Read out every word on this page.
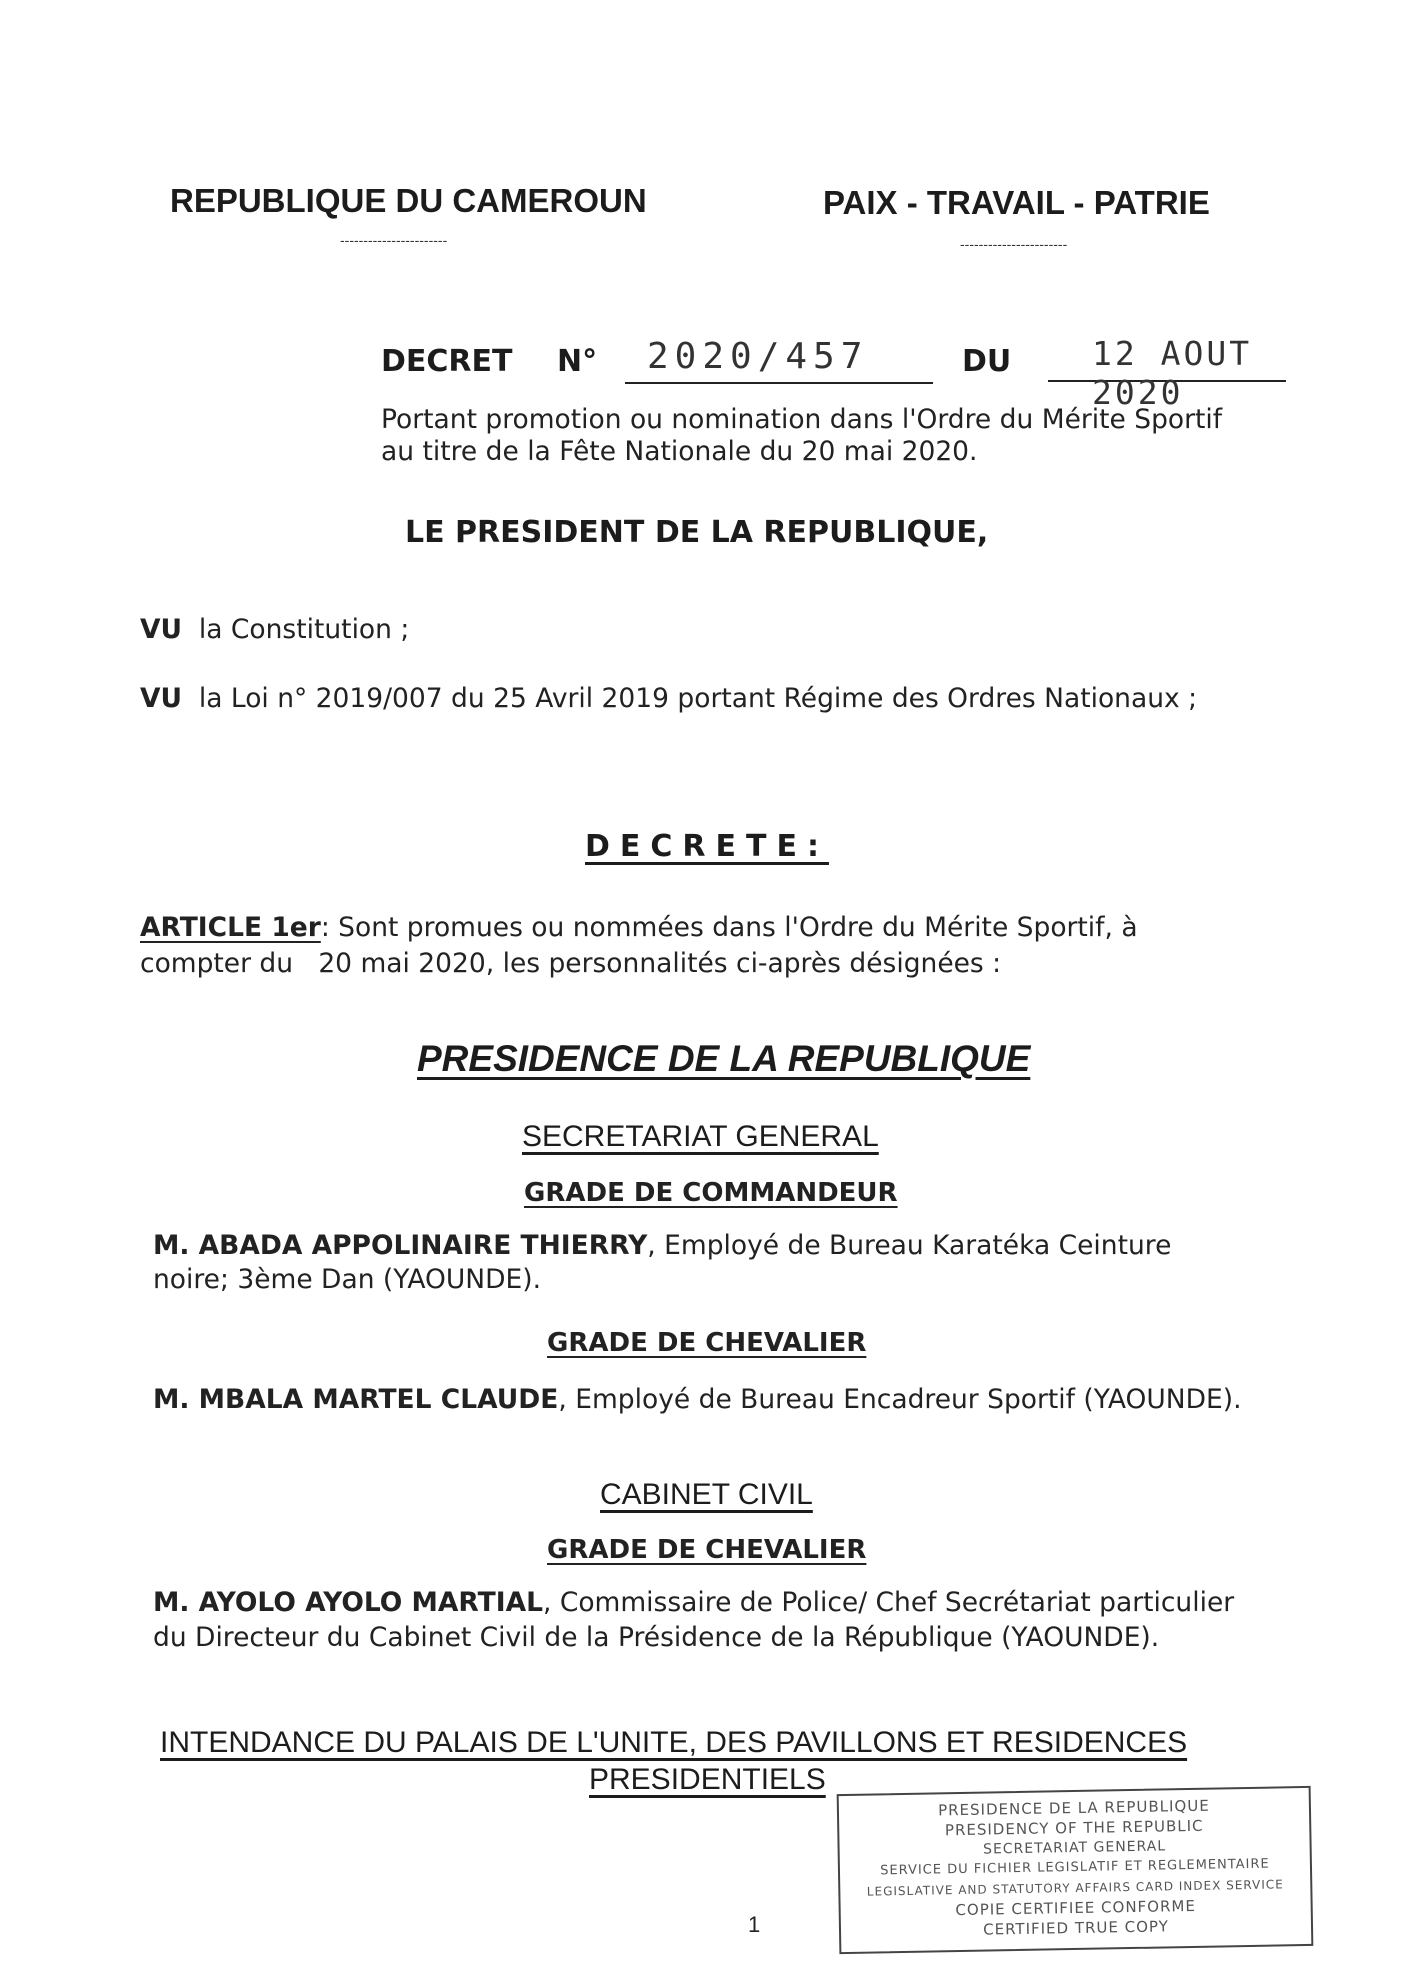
REPUBLIQUE DU CAMEROUN
-----------------------
PAIX - TRAVAIL - PATRIE
-----------------------
DECRET N° 2020/457	DU 12 AOUT 2020
Portant promotion ou nomination dans l'Ordre du Mérite Sportif
au titre de la Fête Nationale du 20 mai 2020.
LE PRESIDENT DE LA REPUBLIQUE,
VU la Constitution ;
VU la Loi n° 2019/007 du 25 Avril 2019 portant Régime des Ordres Nationaux ;
DECRETE:
ARTICLE 1er: Sont promues ou nommées dans l'Ordre du Mérite Sportif, à
compter du   20 mai 2020, les personnalités ci-après désignées :
PRESIDENCE DE LA REPUBLIQUE
SECRETARIAT GENERAL
GRADE DE COMMANDEUR
M. ABADA APPOLINAIRE THIERRY, Employé de Bureau Karatéka Ceinture
noire; 3ème Dan (YAOUNDE).
GRADE DE CHEVALIER
M. MBALA MARTEL CLAUDE, Employé de Bureau Encadreur Sportif (YAOUNDE).
CABINET CIVIL
GRADE DE CHEVALIER
M. AYOLO AYOLO MARTIAL, Commissaire de Police/ Chef Secrétariat particulier
du Directeur du Cabinet Civil de la Présidence de la République (YAOUNDE).
INTENDANCE DU PALAIS DE L'UNITE, DES PAVILLONS ET RESIDENCES
PRESIDENTIELS
PRESIDENCE DE LA REPUBLIQUE
PRESIDENCY OF THE REPUBLIC
SECRETARIAT GENERAL
SERVICE DU FICHIER LEGISLATIF ET REGLEMENTAIRE
LEGISLATIVE AND STATUTORY AFFAIRS CARD INDEX SERVICE
COPIE CERTIFIEE CONFORME
CERTIFIED TRUE COPY
1
